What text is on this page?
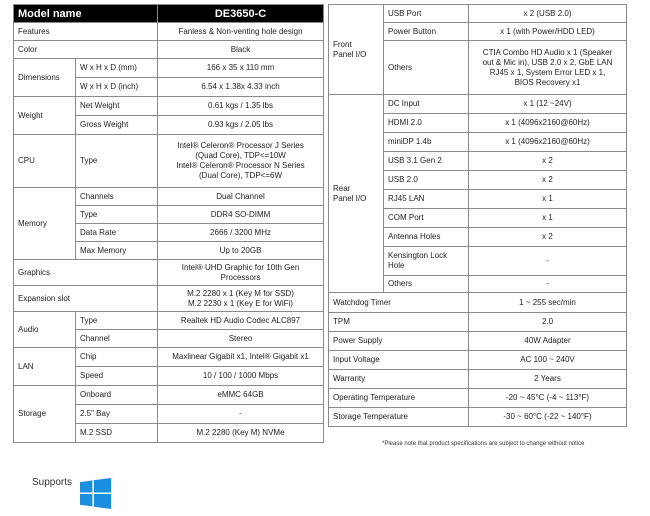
Model name		DE3650-C
Features		Fanless & Non-venting hole design
Color		Black
Dimensions	W x H x D (mm)	166 x 35 x 110 mm
	W x H x D (inch)	6.54 x 1.38x 4.33 inch
Weight	Net Weight	0.61 kgs / 1.35 lbs
	Gross Weight	0.93 kgs / 2.05 lbs
CPU	Type	Intel® Celeron® Processor J Series
(Quad Core), TDP<=10W
Intel® Celeron® Processor N Series
(Dual Core), TDP<=6W

Memory	Channels	Dual Channel
	Type	DDR4 SO-DIMM
	Data Rate	2666 / 3200 MHz
	Max Memory	Up to 20GB
Graphics		Intel® UHD Graphic for 10th Gen
Processors

Expansion slot		M.2 2280 x 1 (Key M for SSD)
M.2 2230 x 1 (Key E for WiFi)

Audio	Type	Realtek HD Audio Codec ALC897
	Channel	Stereo
LAN	Chip	Maxlinear Gigabit x1, Intel® Gigabit x1
	Speed	10 / 100 / 1000 Mbps
Storage	Onboard	eMMC 64GB
	2.5" Bay	-
	M.2 SSD	M.2 2280 (Key M) NVMe
Front
Panel I/O	USB Port	x 2 (USB 2.0)
	Power Button	x 1 (with Power/HDD LED)
	Others	CTIA Combo HD Audio x 1 (Speaker
out & Mic in), USB 2.0 x 2, GbE LAN
RJ45 x 1, System Error LED x 1,
BIOS Recovery x1

Rear
Panel I/O	DC Input	x 1 (12 ~24V)
	HDMI 2.0	x 1 (4096x2160@60Hz)
	miniDP 1.4b	x 1 (4096x2160@60Hz)
	USB 3.1 Gen 2	x 2
	USB 2.0	x 2
	RJ45 LAN	x 1
	COM Port	x 1
	Antenna Holes	x 2

	Kensington Lock
Hole	-
	Others	-
Watchdog Timer		1 ~ 255 sec/min
TPM		2.0
Power Supply		40W Adapter
Input Voltage		AC 100 ~ 240V
Warranty		2 Years
Operating Temperature		-20 ~ 45°C (-4 ~ 113°F)
Storage Temperature		-30 ~ 60°C (-22 ~ 140°F)
*Please note that product specifications are subject to change without notice
Supports
